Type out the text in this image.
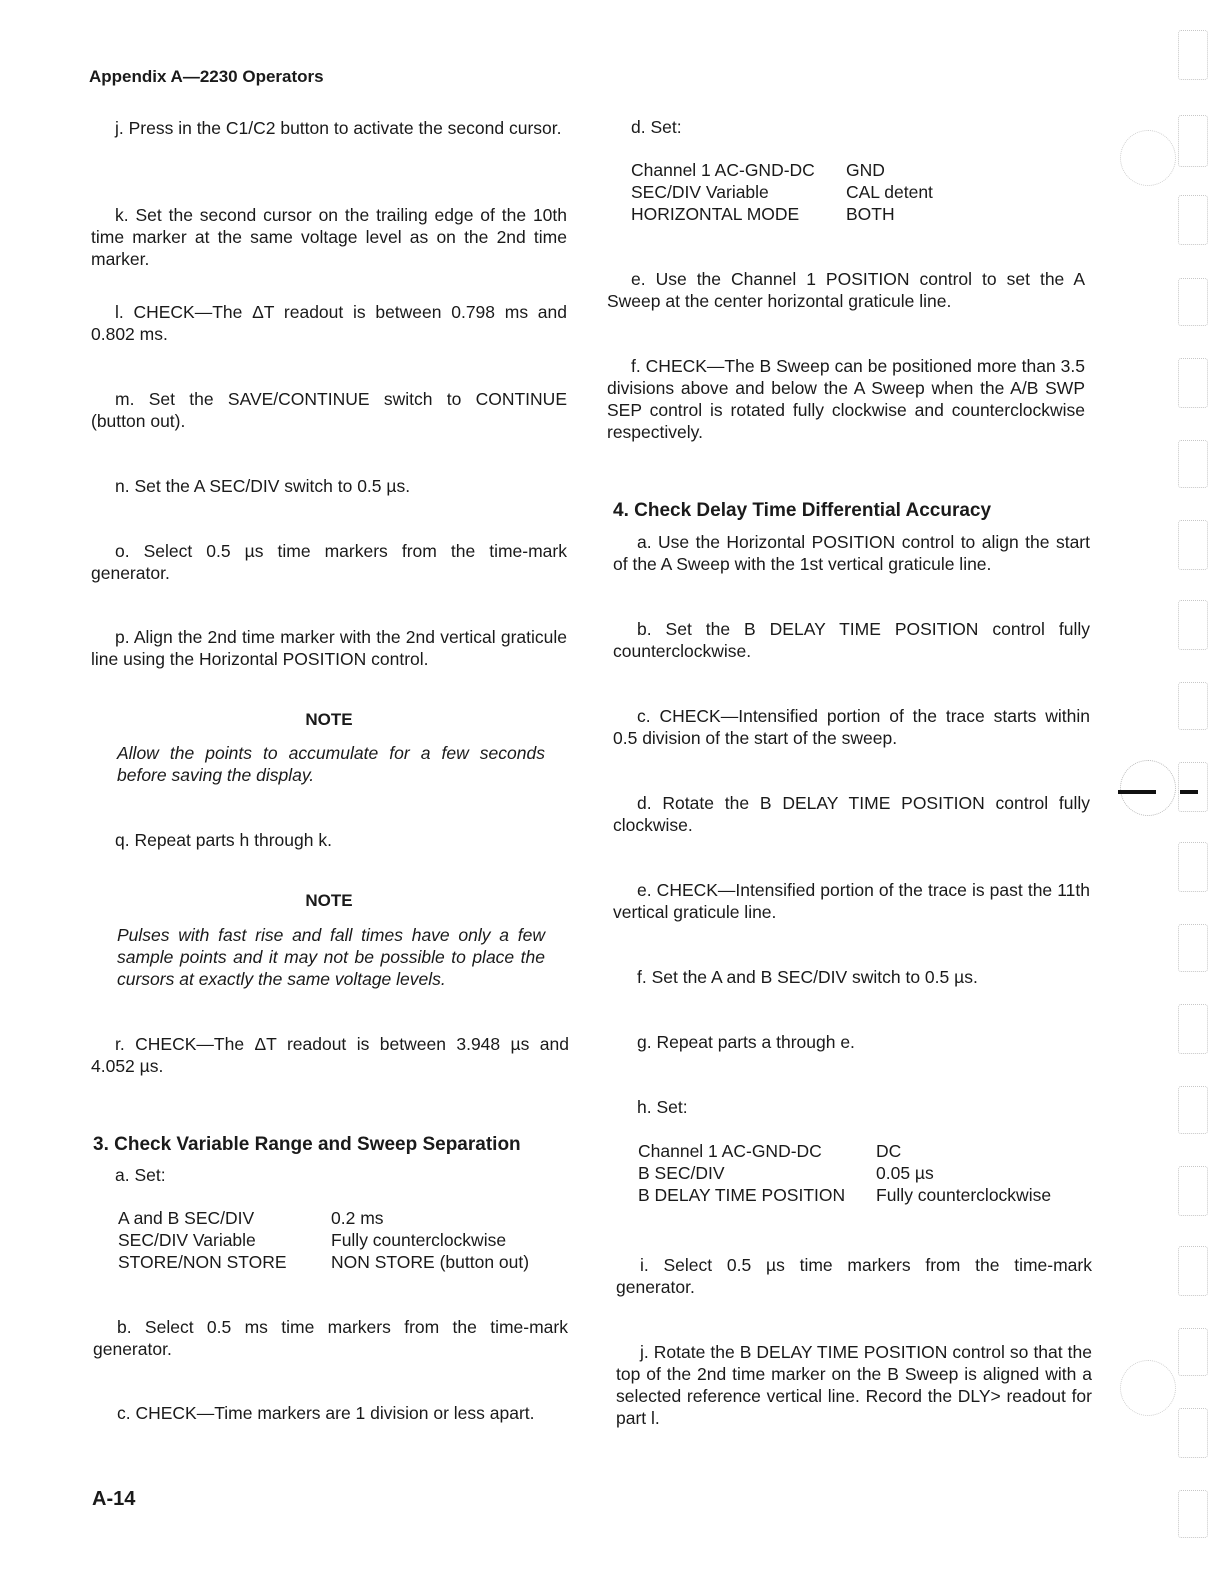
Appendix A—2230 Operators
j. Press in the C1/C2 button to activate the second cursor.
k. Set the second cursor on the trailing edge of the 10th time marker at the same voltage level as on the 2nd time marker.
l. CHECK—The ΔT readout is between 0.798 ms and 0.802 ms.
m. Set the SAVE/CONTINUE switch to CONTINUE (button out).
n. Set the A SEC/DIV switch to 0.5 µs.
o. Select 0.5 µs time markers from the time-mark generator.
p. Align the 2nd time marker with the 2nd vertical graticule line using the Horizontal POSITION control.
NOTE
Allow the points to accumulate for a few seconds before saving the display.
q. Repeat parts h through k.
NOTE
Pulses with fast rise and fall times have only a few sample points and it may not be possible to place the cursors at exactly the same voltage levels.
r. CHECK—The ΔT readout is between 3.948 µs and 4.052 µs.
3. Check Variable Range and Sweep Separation
a. Set:
A and B SEC/DIV	0.2 ms
SEC/DIV Variable	Fully counterclockwise
STORE/NON STORE	NON STORE (button out)
b. Select 0.5 ms time markers from the time-mark generator.
c. CHECK—Time markers are 1 division or less apart.
d. Set:
Channel 1 AC-GND-DC	GND
SEC/DIV Variable	CAL detent
HORIZONTAL MODE	BOTH
e. Use the Channel 1 POSITION control to set the A Sweep at the center horizontal graticule line.
f. CHECK—The B Sweep can be positioned more than 3.5 divisions above and below the A Sweep when the A/B SWP SEP control is rotated fully clockwise and counterclockwise respectively.
4. Check Delay Time Differential Accuracy
a. Use the Horizontal POSITION control to align the start of the A Sweep with the 1st vertical graticule line.
b. Set the B DELAY TIME POSITION control fully counterclockwise.
c. CHECK—Intensified portion of the trace starts within 0.5 division of the start of the sweep.
d. Rotate the B DELAY TIME POSITION control fully clockwise.
e. CHECK—Intensified portion of the trace is past the 11th vertical graticule line.
f. Set the A and B SEC/DIV switch to 0.5 µs.
g. Repeat parts a through e.
h. Set:
Channel 1 AC-GND-DC	DC
B SEC/DIV	0.05 µs
B DELAY TIME POSITION	Fully counterclockwise
i. Select 0.5 µs time markers from the time-mark generator.
j. Rotate the B DELAY TIME POSITION control so that the top of the 2nd time marker on the B Sweep is aligned with a selected reference vertical line. Record the DLY> readout for part l.
A-14
